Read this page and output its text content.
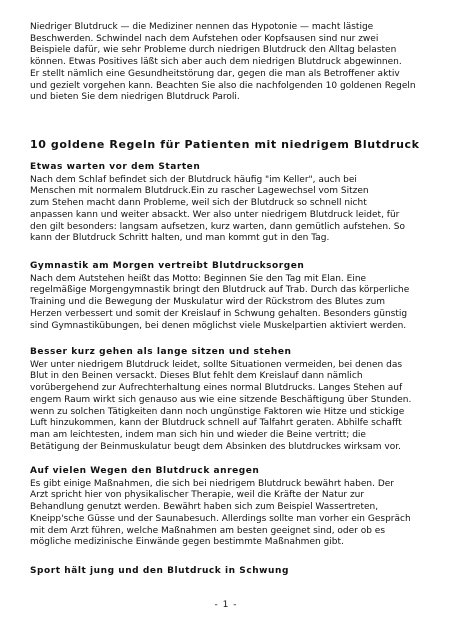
Niedriger Blutdruck — die Mediziner nennen das Hypotonie — macht lästige
Beschwerden. Schwindel nach dem Aufstehen oder Kopfsausen sind nur zwei
Beispiele dafür, wie sehr Probleme durch niedrigen Blutdruck den Alltag belasten
können. Etwas Positives läßt sich aber auch dem niedrigen Blutdruck abgewinnen.
Er stellt nämlich eine Gesundheitstörung dar, gegen die man als Betroffener aktiv
und gezielt vorgehen kann. Beachten Sie also die nachfolgenden 10 goldenen Regeln
und bieten Sie dem niedrigen Blutdruck Paroli.
10 goldene Regeln für Patienten mit niedrigem Blutdruck
Etwas warten vor dem Starten
Nach dem Schlaf befindet sich der Blutdruck häufig "im Keller", auch bei
Menschen mit normalem Blutdruck.Ein zu rascher Lagewechsel vom Sitzen
zum Stehen macht dann Probleme, weil sich der Blutdruck so schnell nicht
anpassen kann und weiter absackt. Wer also unter niedrigem Blutdruck leidet, für
den gilt besonders: langsam aufsetzen, kurz warten, dann gemütlich aufstehen. So
kann der Blutdruck Schritt halten, und man kommt gut in den Tag.
Gymnastik am Morgen vertreibt Blutdrucksorgen
Nach dem Autstehen heißt das Motto: Beginnen Sie den Tag mit Elan. Eine
regelmäßige Morgengymnastik bringt den Blutdruck auf Trab. Durch das körperliche
Training und die Bewegung der Muskulatur wird der Rückstrom des Blutes zum
Herzen verbessert und somit der Kreislauf in Schwung gehalten. Besonders günstig
sind Gymnastikübungen, bei denen möglichst viele Muskelpartien aktiviert werden.
Besser kurz gehen als lange sitzen und stehen
Wer unter niedrigem Blutdruck leidet, sollte Situationen vermeiden, bei denen das
Blut in den Beinen versackt. Dieses Blut fehlt dem Kreislauf dann nämlich
vorübergehend zur Aufrechterhaltung eines normal Blutdrucks. Langes Stehen auf
engem Raum wirkt sich genauso aus wie eine sitzende Beschäftigung über Stunden.
wenn zu solchen Tätigkeiten dann noch ungünstige Faktoren wie Hitze und stickige
Luft hinzukommen, kann der Blutdruck schnell auf Talfahrt geraten. Abhilfe schafft
man am leichtesten, indem man sich hin und wieder die Beine vertritt; die
Betätigung der Beinmuskulatur beugt dem Absinken des blutdruckes wirksam vor.
Auf vielen Wegen den Blutdruck anregen
Es gibt einige Maßnahmen, die sich bei niedrigem Blutdruck bewährt haben. Der
Arzt spricht hier von physikalischer Therapie, weil die Kräfte der Natur zur
Behandlung genutzt werden. Bewährt haben sich zum Beispiel Wassertreten,
Kneipp'sche Güsse und der Saunabesuch. Allerdings sollte man vorher ein Gespräch
mit dem Arzt führen, welche Maßnahmen am besten geeignet sind, oder ob es
mögliche medizinische Einwände gegen bestimmte Maßnahmen gibt.
Sport hält jung und den Blutdruck in Schwung
- 1 -
